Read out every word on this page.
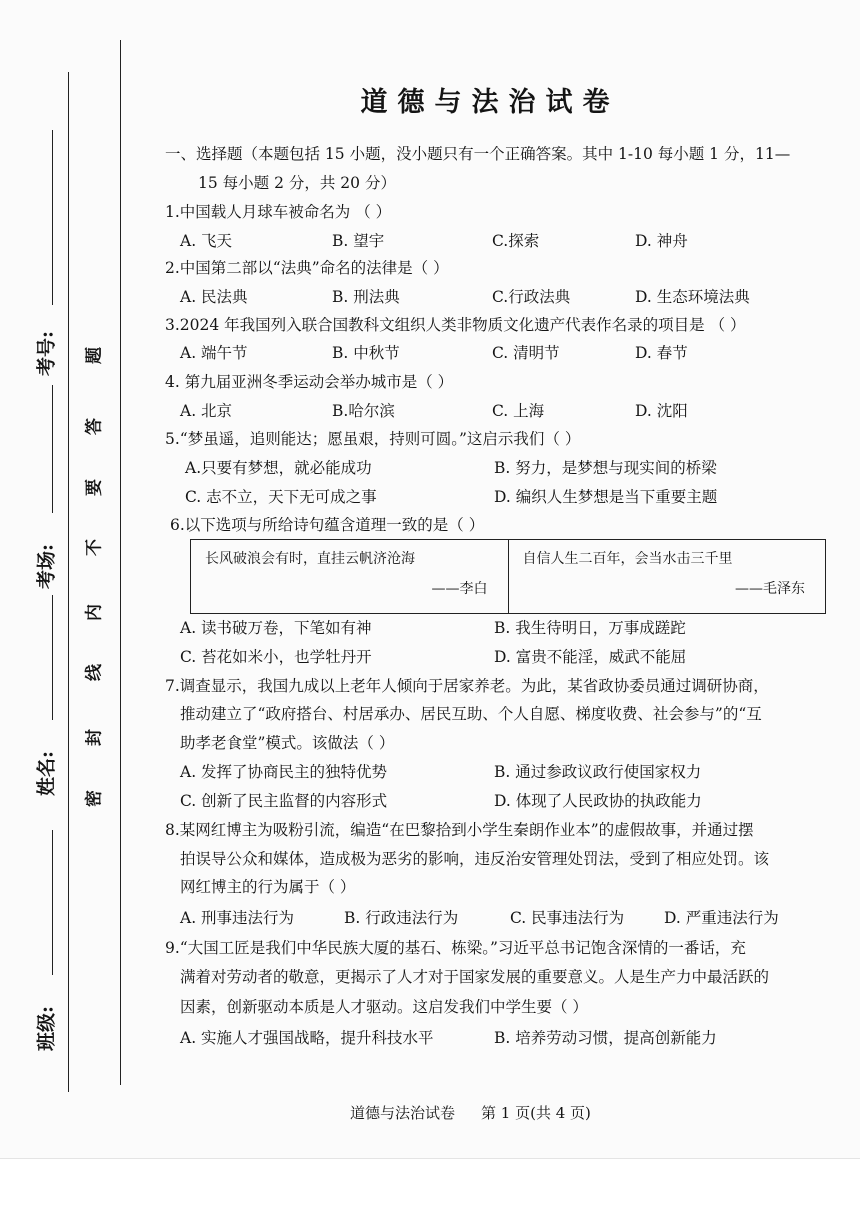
考号:
考场:
姓名:
班级:
题
答
要
不
内
线
封
密
道德与法治试卷
一、选择题（本题包括 15 小题，没小题只有一个正确答案。其中 1-10 每小题 1 分，11—
15 每小题 2 分，共 20 分）
1.中国载人月球车被命名为 （ ）
A. 飞天	B. 望宇	C.探索	D. 神舟
2.中国第二部以“法典”命名的法律是（ ）
A. 民法典	B. 刑法典	C.行政法典	D. 生态环境法典
3.2024 年我国列入联合国教科文组织人类非物质文化遗产代表作名录的项目是 （ ）
A. 端午节	B. 中秋节	C. 清明节	D. 春节
4. 第九届亚洲冬季运动会举办城市是（ ）
A. 北京	B.哈尔滨	C. 上海	D. 沈阳
5.“梦虽遥，追则能达；愿虽艰，持则可圆。”这启示我们（ ）
A.只要有梦想，就必能成功	B. 努力，是梦想与现实间的桥梁
C. 志不立，天下无可成之事	D. 编织人生梦想是当下重要主题
6.以下选项与所给诗句蕴含道理一致的是（ ）
长风破浪会有时，直挂云帆济沧海
——李白
自信人生二百年，会当水击三千里
——毛泽东
A. 读书破万卷，下笔如有神	B. 我生待明日，万事成蹉跎
C. 苔花如米小，也学牡丹开	D. 富贵不能淫，威武不能屈
7.调查显示，我国九成以上老年人倾向于居家养老。为此，某省政协委员通过调研协商，
推动建立了“政府搭台、村居承办、居民互助、个人自愿、梯度收费、社会参与”的“互
助孝老食堂”模式。该做法（ ）
A. 发挥了协商民主的独特优势	B. 通过参政议政行使国家权力
C. 创新了民主监督的内容形式	D. 体现了人民政协的执政能力
8.某网红博主为吸粉引流，编造“在巴黎拾到小学生秦朗作业本”的虚假故事，并通过摆
拍误导公众和媒体，造成极为恶劣的影响，违反治安管理处罚法，受到了相应处罚。该
网红博主的行为属于（ ）
A. 刑事违法行为	B. 行政违法行为	C. 民事违法行为	D. 严重违法行为
9.“大国工匠是我们中华民族大厦的基石、栋梁。”习近平总书记饱含深情的一番话，充
满着对劳动者的敬意，更揭示了人才对于国家发展的重要意义。人是生产力中最活跃的
因素，创新驱动本质是人才驱动。这启发我们中学生要（ ）
A. 实施人才强国战略，提升科技水平	B. 培养劳动习惯，提高创新能力
道德与法治试卷 第 1 页(共 4 页)
